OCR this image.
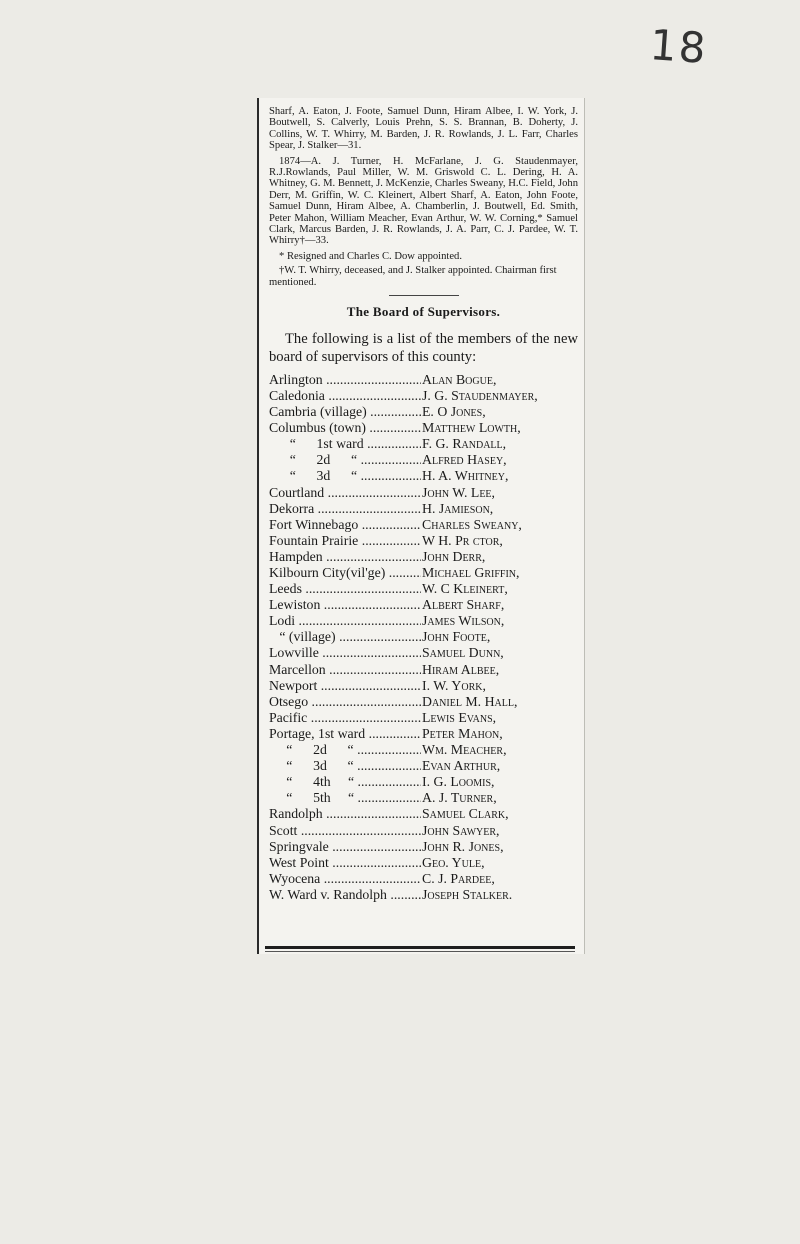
18

Sharf, A. Eaton, J. Foote, Samuel Dunn, Hiram Albee, I. W. York, J. Boutwell, S. Calverly, Louis Prehn, S. S. Brannan, B. Doherty, J. Collins, W. T. Whirry, M. Barden, J. R. Rowlands, J. L. Farr, Charles Spear, J. Stalker—31.

1874—A. J. Turner, H. McFarlane, J. G. Staudenmayer, R.J.Rowlands, Paul Miller, W. M. Griswold C. L. Dering, H. A. Whitney, G. M. Bennett, J. McKenzie, Charles Sweany, H.C. Field, John Derr, M. Griffin, W. C. Kleinert, Albert Sharf, A. Eaton, John Foote, Samuel Dunn, Hiram Albee, A. Chamberlin, J. Boutwell, Ed. Smith, Peter Mahon, William Meacher, Evan Arthur, W. W. Corning,* Samuel Clark, Marcus Barden, J. R. Rowlands, J. A. Parr, C. J. Pardee, W. T. Whirry†—33.

* Resigned and Charles C. Dow appointed.

†W. T. Whirry, deceased, and J. Stalker appointed. Chairman first mentioned.

The Board of Supervisors.

The following is a list of the members of the new board of supervisors of this county:

Arlington .....	Alan Bogue,
Caledonia .....	J. G. Staudenmayer,
Cambria (village) .....	E. O Jones,
Columbus (town) .....	Matthew Lowth,
“      1st ward .....	F. G. Randall,
“      2d      “ .....	Alfred Hasey,
“      3d      “ .....	H. A. Whitney,
Courtland .....	John W. Lee,
Dekorra .....	H. Jamieson,
Fort Winnebago .....	Charles Sweany,
Fountain Prairie .....	W H. Pr ctor,
Hampden .....	John Derr,
Kilbourn City(vil'ge) .....	Michael Griffin,
Leeds .....	W. C Kleinert,
Lewiston .....	Albert Sharf,
Lodi .....	James Wilson,
“ (village) .....	John Foote,
Lowville .....	Samuel Dunn,
Marcellon .....	Hiram Albee,
Newport .....	I. W. York,
Otsego .....	Daniel M. Hall,
Pacific .....	Lewis Evans,
Portage, 1st ward .....	Peter Mahon,
“      2d      “ .....	Wm. Meacher,
“      3d      “ .....	Evan Arthur,
“      4th     “ .....	I. G. Loomis,
“      5th     “ .....	A. J. Turner,
Randolph .....	Samuel Clark,
Scott .....	John Sawyer,
Springvale .....	John R. Jones,
West Point .....	Geo. Yule,
Wyocena .....	C. J. Pardee,
W. Ward v. Randolph .....	Joseph Stalker.
